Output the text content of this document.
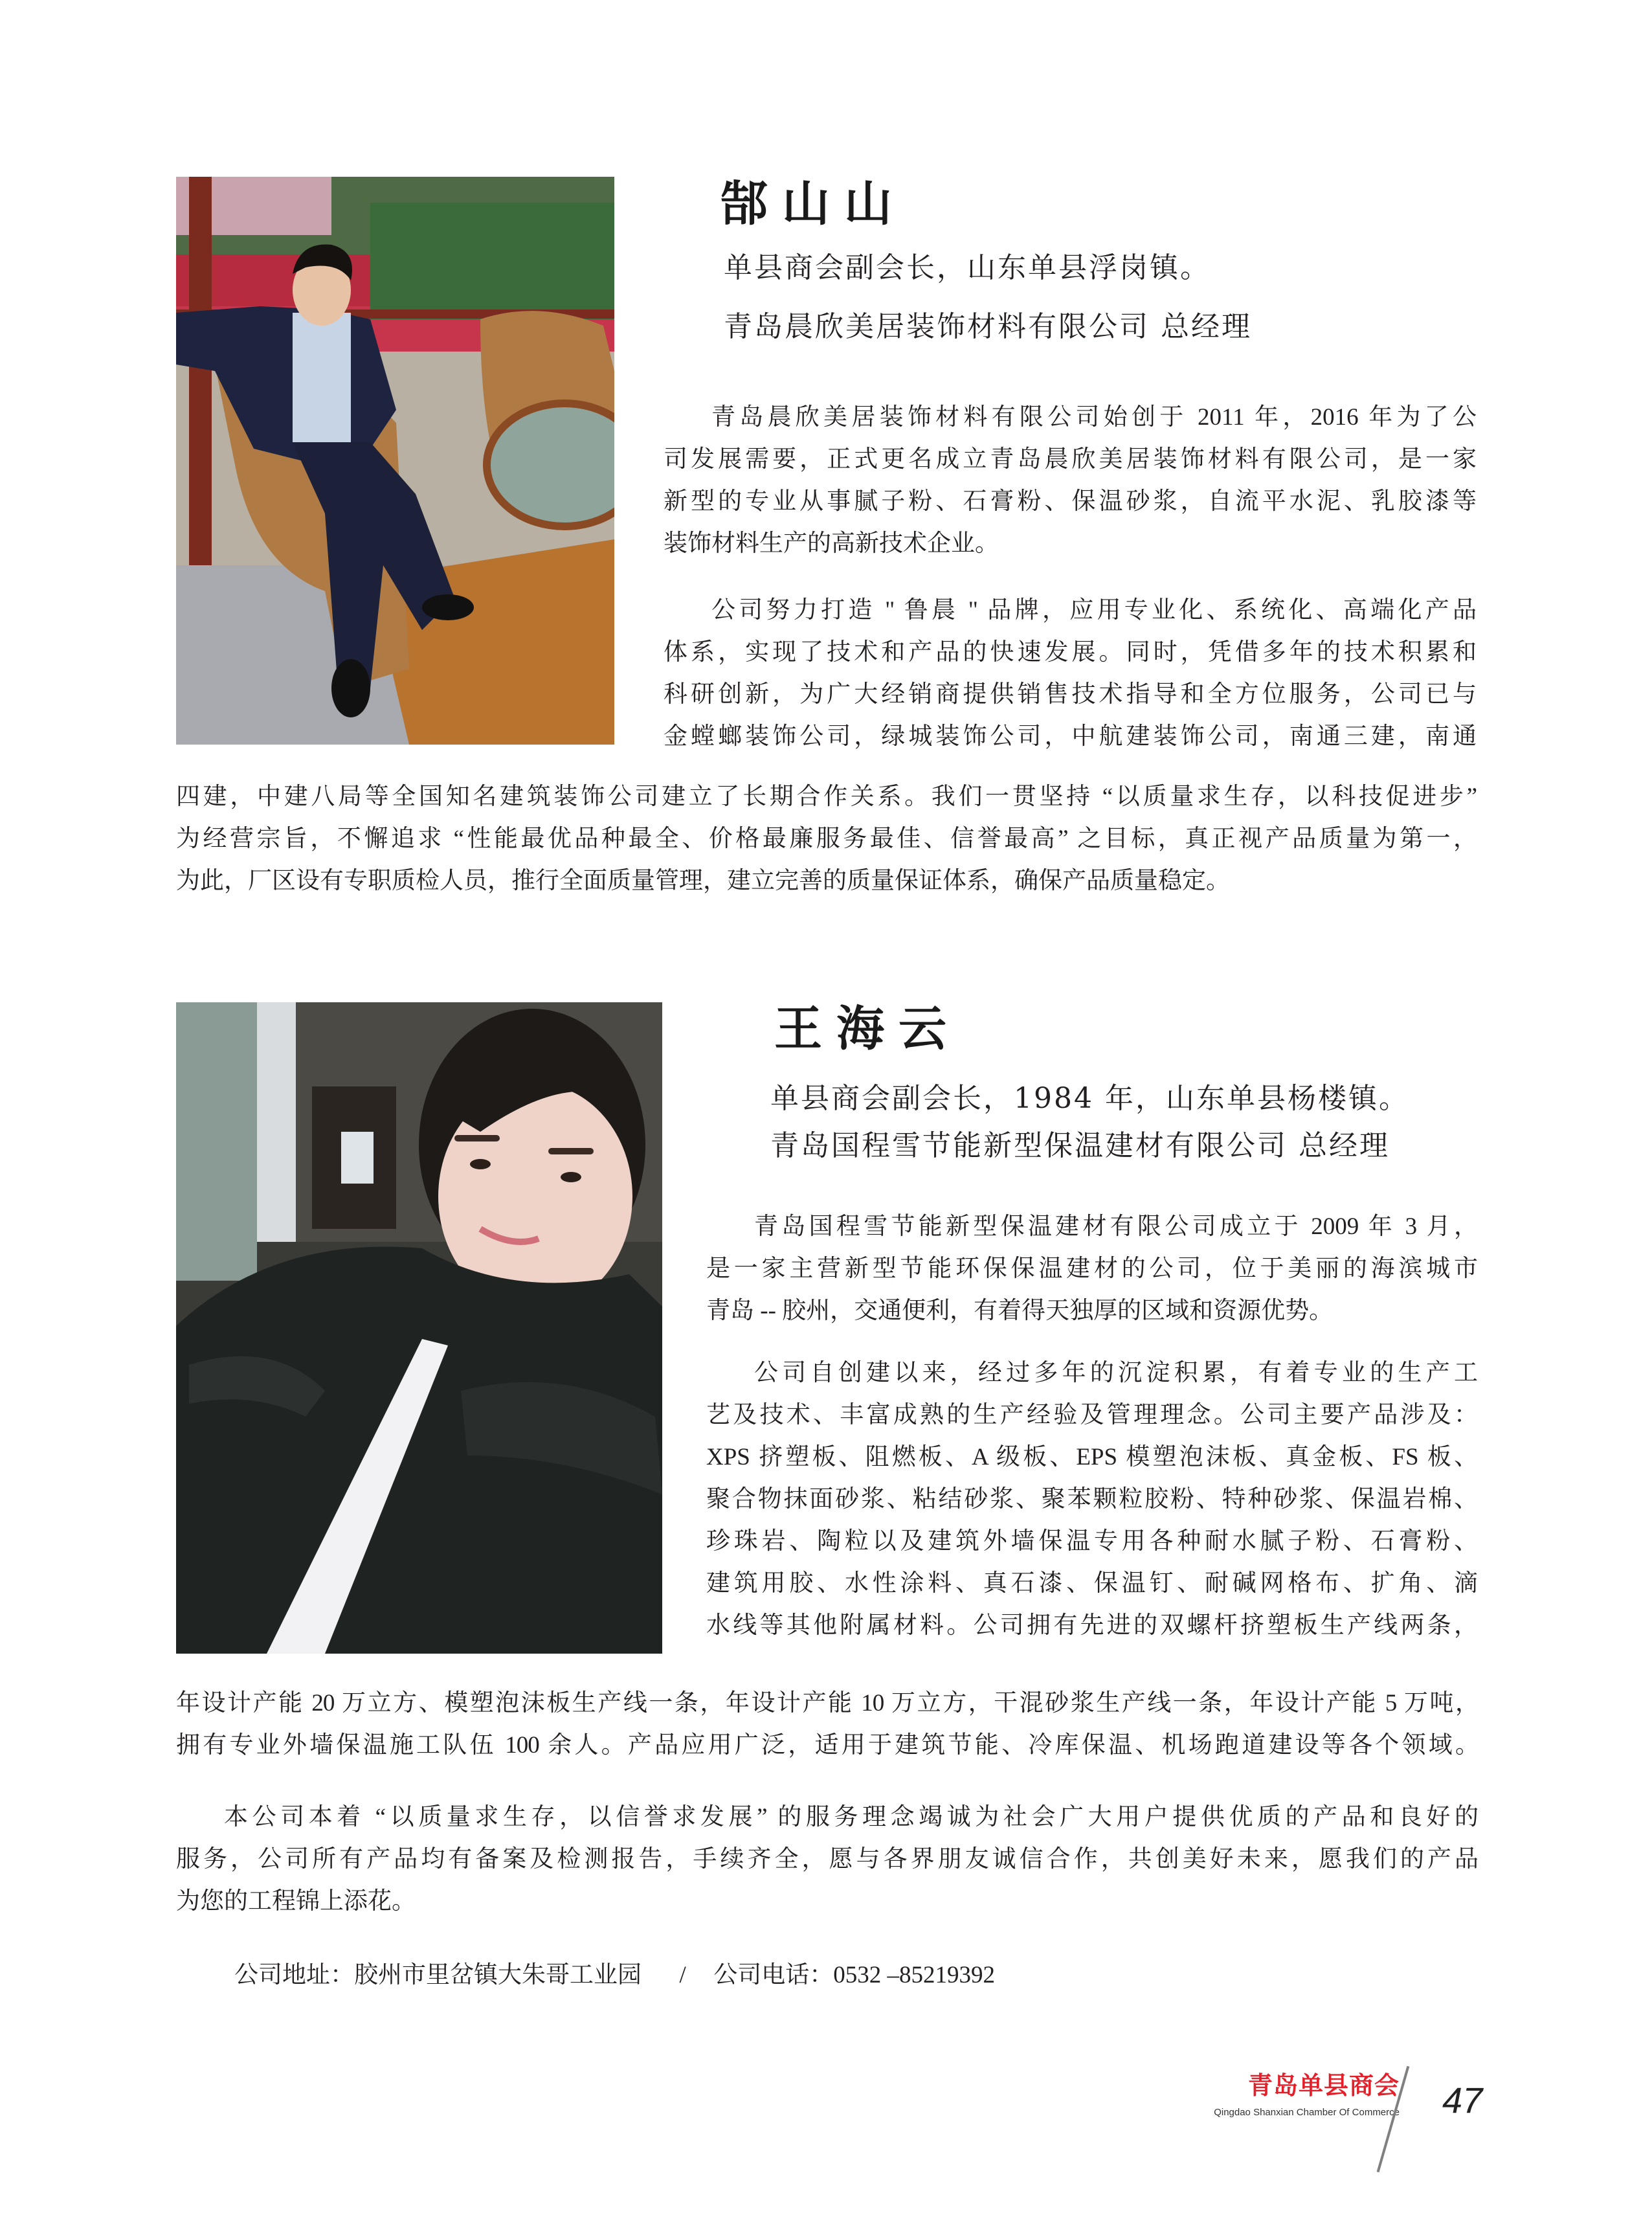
郜山山
单县商会副会长，山东单县浮岗镇。
青岛晨欣美居装饰材料有限公司 总经理
青岛晨欣美居装饰材料有限公司始创于 2011 年，2016 年为了公
司发展需要，正式更名成立青岛晨欣美居装饰材料有限公司，是一家
新型的专业从事腻子粉、石膏粉、保温砂浆，自流平水泥、乳胶漆等
装饰材料生产的高新技术企业。
公司努力打造 " 鲁晨 " 品牌，应用专业化、系统化、高端化产品
体系，实现了技术和产品的快速发展。同时，凭借多年的技术积累和
科研创新，为广大经销商提供销售技术指导和全方位服务，公司已与
金螳螂装饰公司，绿城装饰公司，中航建装饰公司，南通三建，南通
四建，中建八局等全国知名建筑装饰公司建立了长期合作关系。我们一贯坚持 “以质量求生存，以科技促进步”
为经营宗旨，不懈追求 “性能最优品种最全、价格最廉服务最佳、信誉最高” 之目标，真正视产品质量为第一，
为此，厂区设有专职质检人员，推行全面质量管理，建立完善的质量保证体系，确保产品质量稳定。
王海云
单县商会副会长，1984 年，山东单县杨楼镇。
青岛国程雪节能新型保温建材有限公司 总经理
青岛国程雪节能新型保温建材有限公司成立于 2009 年 3 月，
是一家主营新型节能环保保温建材的公司，位于美丽的海滨城市
青岛 -- 胶州，交通便利，有着得天独厚的区域和资源优势。
公司自创建以来，经过多年的沉淀积累，有着专业的生产工
艺及技术、丰富成熟的生产经验及管理理念。公司主要产品涉及：
XPS 挤塑板、阻燃板、A 级板、EPS 模塑泡沫板、真金板、FS 板、
聚合物抹面砂浆、粘结砂浆、聚苯颗粒胶粉、特种砂浆、保温岩棉、
珍珠岩、陶粒以及建筑外墙保温专用各种耐水腻子粉、石膏粉、
建筑用胶、水性涂料、真石漆、保温钉、耐碱网格布、扩角、滴
水线等其他附属材料。公司拥有先进的双螺杆挤塑板生产线两条，
年设计产能 20 万立方、模塑泡沫板生产线一条，年设计产能 10 万立方，干混砂浆生产线一条，年设计产能 5 万吨，
拥有专业外墙保温施工队伍 100 余人。产品应用广泛，适用于建筑节能、冷库保温、机场跑道建设等各个领域。
本公司本着 “以质量求生存，以信誉求发展” 的服务理念竭诚为社会广大用户提供优质的产品和良好的
服务，公司所有产品均有备案及检测报告，手续齐全，愿与各界朋友诚信合作，共创美好未来，愿我们的产品
为您的工程锦上添花。
公司地址：胶州市里岔镇大朱哥工业园 / 公司电话：0532 –85219392
青岛单县商会
Qingdao Shanxian Chamber Of Commerce 47
